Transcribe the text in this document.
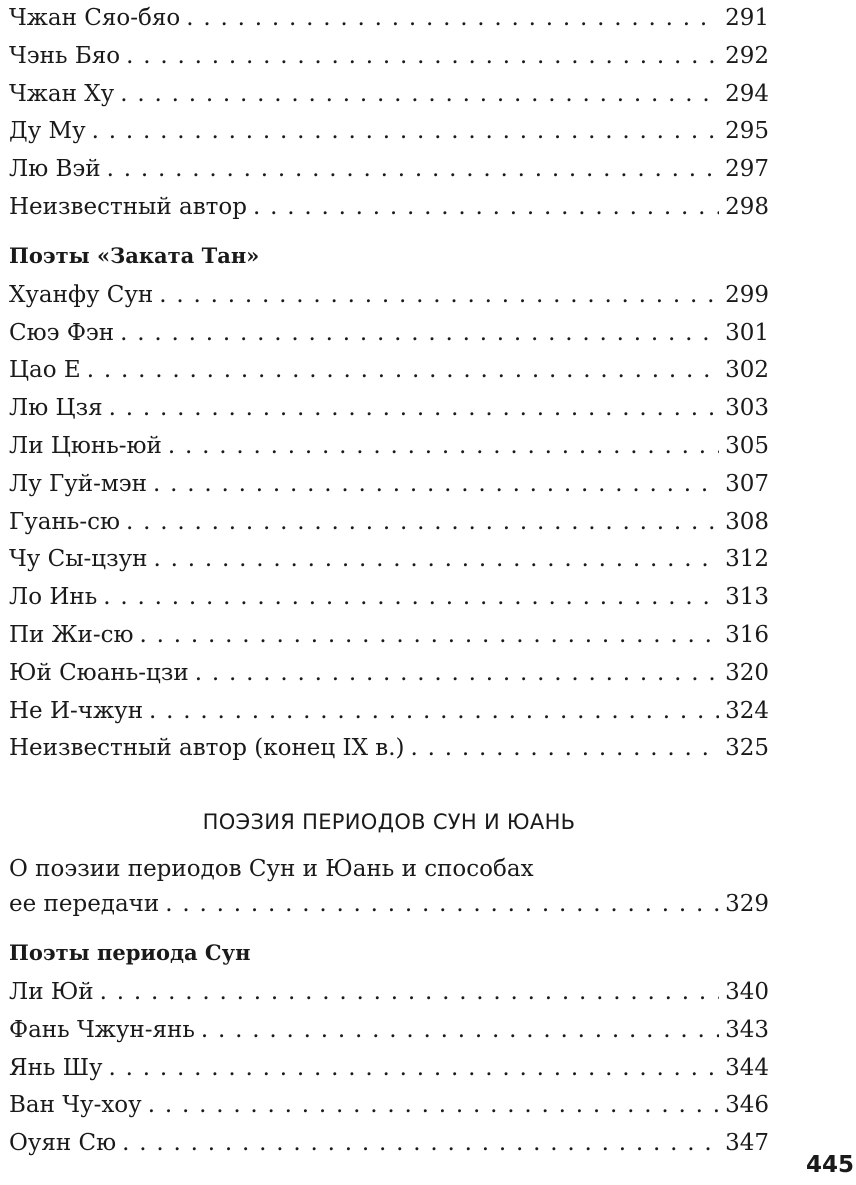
Чжан Сяо-бяо . . .	291
Чэнь Бяо . . .	292
Чжан Ху . . .	294
Ду Му . . .	295
Лю Вэй . . .	297
Неизвестный автор . . .	298
Поэты «Заката Тан»
Хуанфу Сун . . .	299
Сюэ Фэн . . .	301
Цао Е . . .	302
Лю Цзя . . .	303
Ли Цюнь-юй . . .	305
Лу Гуй-мэн . . .	307
Гуань-сю . . .	308
Чу Сы-цзун . . .	312
Ло Инь . . .	313
Пи Жи-сю . . .	316
Юй Сюань-цзи . . .	320
Не И-чжун . . .	324
Неизвестный автор (конец IX в.) . . .	325
ПОЭЗИЯ ПЕРИОДОВ СУН И ЮАНЬ
О поэзии периодов Сун и Юань и способах
ее передачи . . .	329
Поэты периода Сун
Ли Юй . . .	340
Фань Чжун-янь . . .	343
Янь Шу . . .	344
Ван Чу-хоу . . .	346
Оуян Сю . . .	347
445
